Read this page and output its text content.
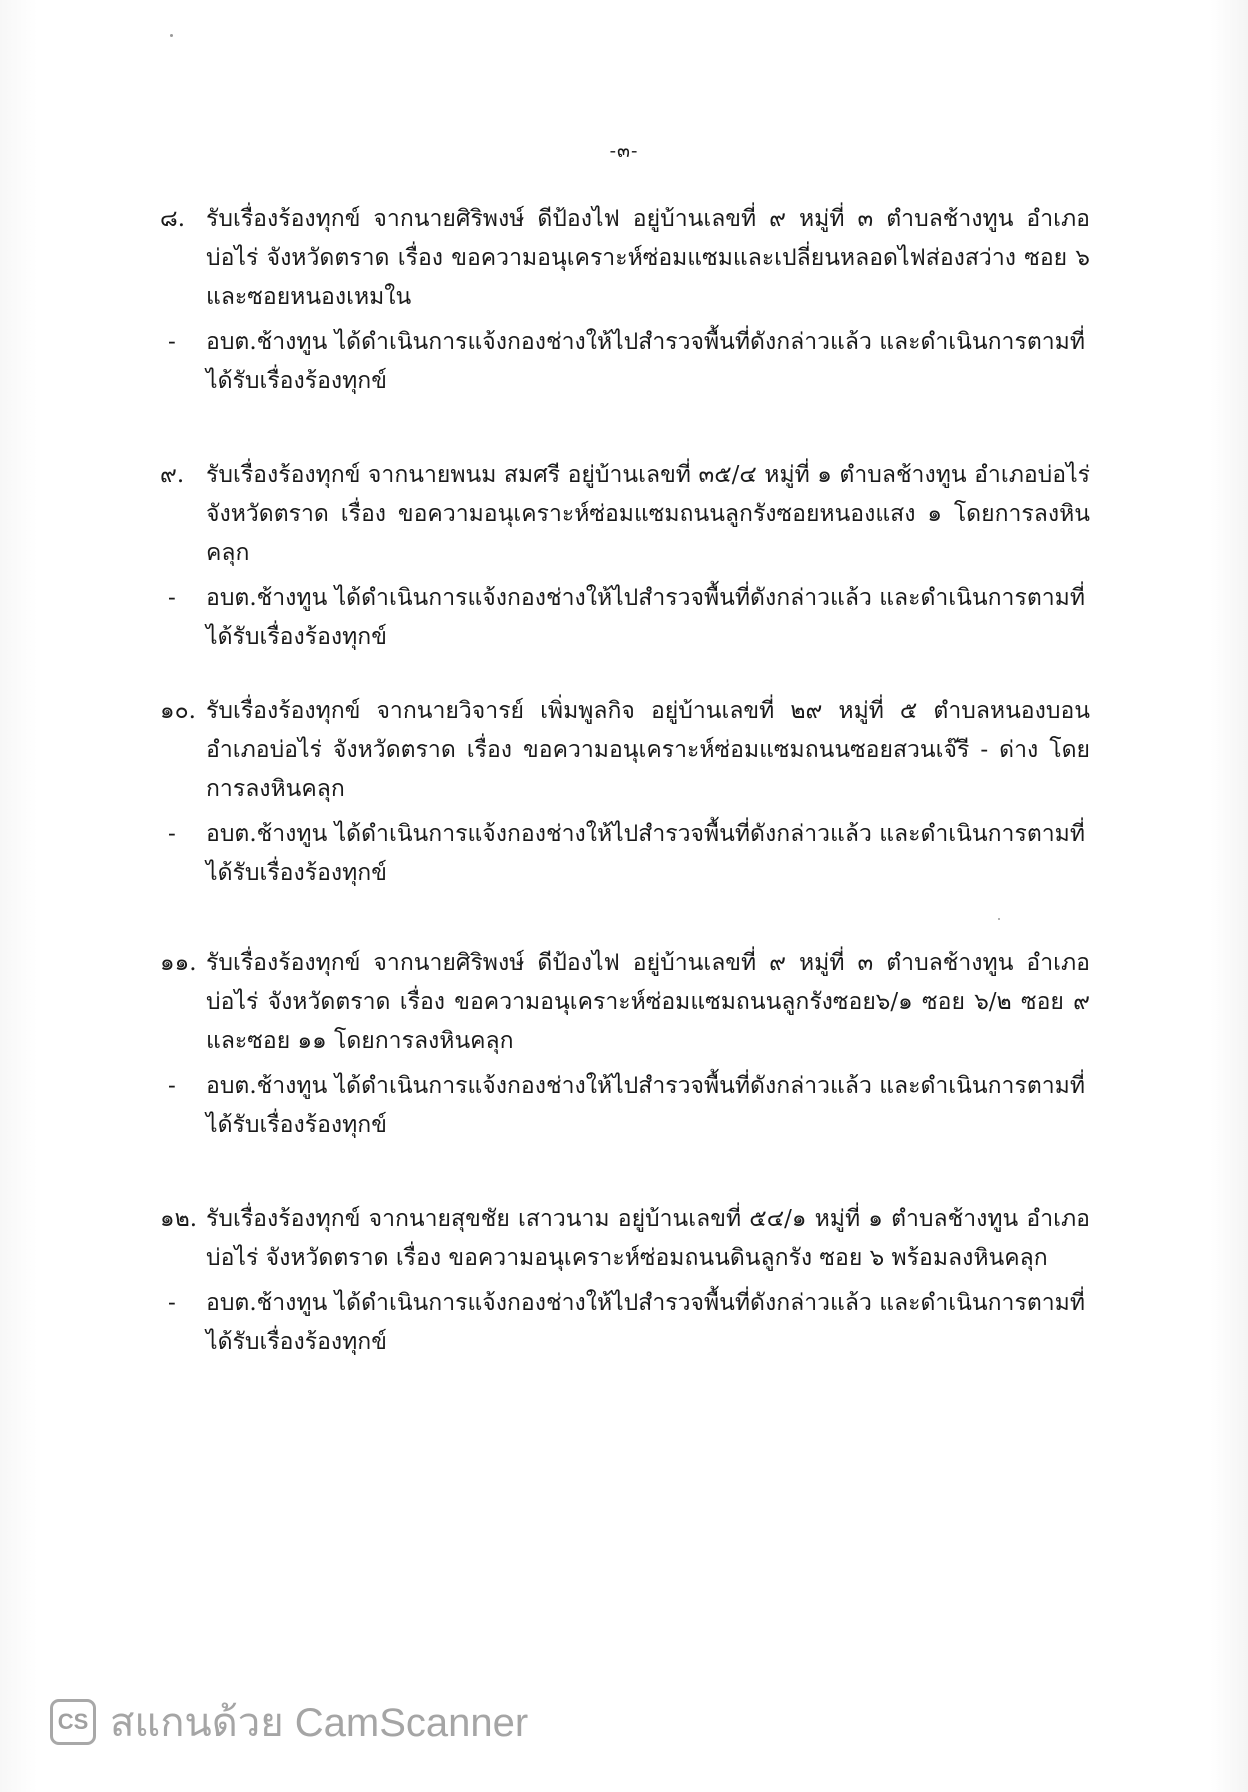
-๓-
๘. รับเรื่องร้องทุกข์ จากนายศิริพงษ์ ดีป้องไฟ อยู่บ้านเลขที่ ๙ หมู่ที่ ๓ ตำบลช้างทูน อำเภอบ่อไร่ จังหวัดตราด เรื่อง ขอความอนุเคราะห์ซ่อมแซมและเปลี่ยนหลอดไฟส่องสว่าง ซอย ๖ และซอยหนองเหมใน
-	อบต.ช้างทูน ได้ดำเนินการแจ้งกองช่างให้ไปสำรวจพื้นที่ดังกล่าวแล้ว และดำเนินการตามที่ได้รับเรื่องร้องทุกข์
๙. รับเรื่องร้องทุกข์ จากนายพนม สมศรี อยู่บ้านเลขที่ ๓๕/๔ หมู่ที่ ๑ ตำบลช้างทูน อำเภอบ่อไร่ จังหวัดตราด เรื่อง ขอความอนุเคราะห์ซ่อมแซมถนนลูกรังซอยหนองแสง ๑ โดยการลงหินคลุก
-	อบต.ช้างทูน ได้ดำเนินการแจ้งกองช่างให้ไปสำรวจพื้นที่ดังกล่าวแล้ว และดำเนินการตามที่ได้รับเรื่องร้องทุกข์
๑๐. รับเรื่องร้องทุกข์ จากนายวิจารย์ เพิ่มพูลกิจ อยู่บ้านเลขที่ ๒๙ หมู่ที่ ๕ ตำบลหนองบอน อำเภอบ่อไร่ จังหวัดตราด เรื่อง ขอความอนุเคราะห์ซ่อมแซมถนนซอยสวนเจ๊รี - ด่าง โดยการลงหินคลุก
-	อบต.ช้างทูน ได้ดำเนินการแจ้งกองช่างให้ไปสำรวจพื้นที่ดังกล่าวแล้ว และดำเนินการตามที่ได้รับเรื่องร้องทุกข์
๑๑. รับเรื่องร้องทุกข์ จากนายศิริพงษ์ ดีป้องไฟ อยู่บ้านเลขที่ ๙ หมู่ที่ ๓ ตำบลช้างทูน อำเภอบ่อไร่ จังหวัดตราด เรื่อง ขอความอนุเคราะห์ซ่อมแซมถนนลูกรังซอย๖/๑ ซอย ๖/๒ ซอย ๙ และซอย ๑๑ โดยการลงหินคลุก
-	อบต.ช้างทูน ได้ดำเนินการแจ้งกองช่างให้ไปสำรวจพื้นที่ดังกล่าวแล้ว และดำเนินการตามที่ได้รับเรื่องร้องทุกข์
๑๒. รับเรื่องร้องทุกข์ จากนายสุขชัย เสาวนาม อยู่บ้านเลขที่ ๕๔/๑ หมู่ที่ ๑ ตำบลช้างทูน อำเภอบ่อไร่ จังหวัดตราด เรื่อง ขอความอนุเคราะห์ซ่อมถนนดินลูกรัง ซอย ๖ พร้อมลงหินคลุก
-	อบต.ช้างทูน ได้ดำเนินการแจ้งกองช่างให้ไปสำรวจพื้นที่ดังกล่าวแล้ว และดำเนินการตามที่ได้รับเรื่องร้องทุกข์
CS สแกนด้วย CamScanner
